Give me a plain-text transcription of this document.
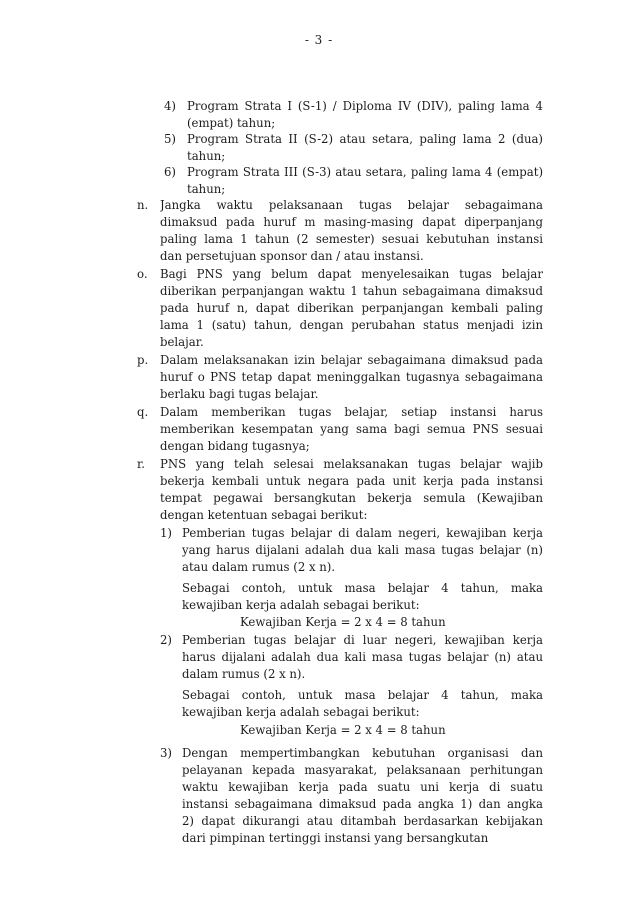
- 3 -
4) Program Strata I (S-1) / Diploma IV (DIV), paling lama 4
(empat) tahun;
5) Program Strata II (S-2) atau setara, paling lama 2 (dua)
tahun;
6) Program Strata III (S-3) atau setara, paling lama 4 (empat)
tahun;
n. Jangka waktu pelaksanaan tugas belajar sebagaimana
dimaksud pada huruf m masing-masing dapat diperpanjang
paling lama 1 tahun (2 semester) sesuai kebutuhan instansi
dan persetujuan sponsor dan / atau instansi.
o. Bagi PNS yang belum dapat menyelesaikan tugas belajar
diberikan perpanjangan waktu 1 tahun sebagaimana dimaksud
pada huruf n, dapat diberikan perpanjangan kembali paling
lama 1 (satu) tahun, dengan perubahan status menjadi izin
belajar.
p. Dalam melaksanakan izin belajar sebagaimana dimaksud pada
huruf o PNS tetap dapat meninggalkan tugasnya sebagaimana
berlaku bagi tugas belajar.
q. Dalam memberikan tugas belajar, setiap instansi harus
memberikan kesempatan yang sama bagi semua PNS sesuai
dengan bidang tugasnya;
r. PNS yang telah selesai melaksanakan tugas belajar wajib
bekerja kembali untuk negara pada unit kerja pada instansi
tempat pegawai bersangkutan bekerja semula (Kewajiban
dengan ketentuan sebagai berikut:
1) Pemberian tugas belajar di dalam negeri, kewajiban kerja
yang harus dijalani adalah dua kali masa tugas belajar (n)
atau dalam rumus (2 x n).
Sebagai contoh, untuk masa belajar 4 tahun, maka
kewajiban kerja adalah sebagai berikut:
Kewajiban Kerja = 2 x 4 = 8 tahun
2) Pemberian tugas belajar di luar negeri, kewajiban kerja
harus dijalani adalah dua kali masa tugas belajar (n) atau
dalam rumus (2 x n).
Sebagai contoh, untuk masa belajar 4 tahun, maka
kewajiban kerja adalah sebagai berikut:
Kewajiban Kerja = 2 x 4 = 8 tahun
3) Dengan mempertimbangkan kebutuhan organisasi dan
pelayanan kepada masyarakat, pelaksanaan perhitungan
waktu kewajiban kerja pada suatu uni kerja di suatu
instansi sebagaimana dimaksud pada angka 1) dan angka
2) dapat dikurangi atau ditambah berdasarkan kebijakan
dari pimpinan tertinggi instansi yang bersangkutan
